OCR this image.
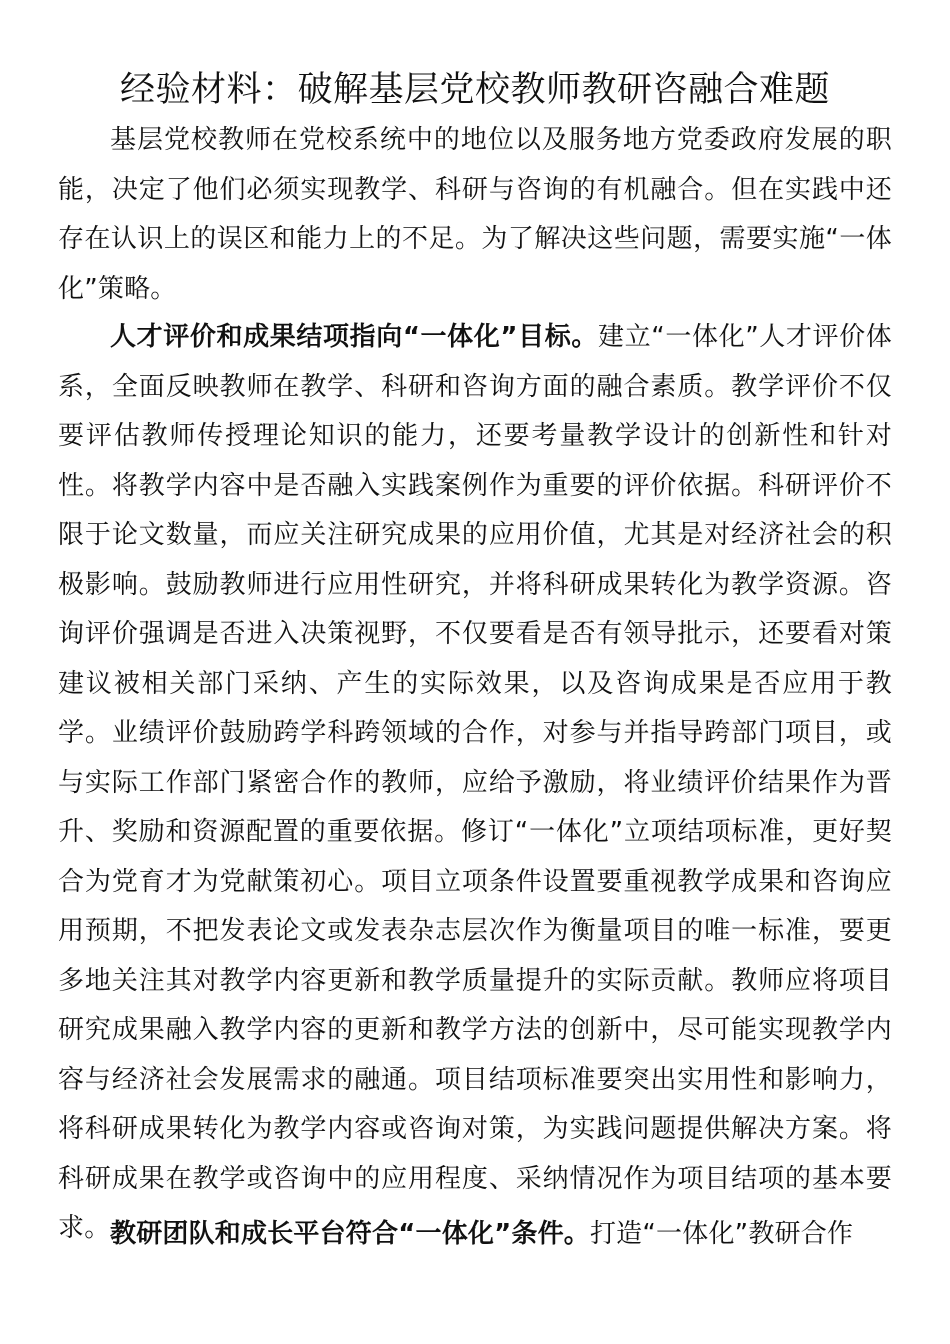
经验材料：破解基层党校教师教研咨融合难题

基层党校教师在党校系统中的地位以及服务地方党委政府发展的职能，决定了他们必须实现教学、科研与咨询的有机融合。但在实践中还存在认识上的误区和能力上的不足。为了解决这些问题，需要实施“一体化”策略。

人才评价和成果结项指向“一体化”目标。建立“一体化”人才评价体系，全面反映教师在教学、科研和咨询方面的融合素质。教学评价不仅要评估教师传授理论知识的能力，还要考量教学设计的创新性和针对性。将教学内容中是否融入实践案例作为重要的评价依据。科研评价不限于论文数量，而应关注研究成果的应用价值，尤其是对经济社会的积极影响。鼓励教师进行应用性研究，并将科研成果转化为教学资源。咨询评价强调是否进入决策视野，不仅要看是否有领导批示，还要看对策建议被相关部门采纳、产生的实际效果，以及咨询成果是否应用于教学。业绩评价鼓励跨学科跨领域的合作，对参与并指导跨部门项目，或与实际工作部门紧密合作的教师，应给予激励，将业绩评价结果作为晋升、奖励和资源配置的重要依据。修订“一体化”立项结项标准，更好契合为党育才为党献策初心。项目立项条件设置要重视教学成果和咨询应用预期，不把发表论文或发表杂志层次作为衡量项目的唯一标准，要更多地关注其对教学内容更新和教学质量提升的实际贡献。教师应将项目研究成果融入教学内容的更新和教学方法的创新中，尽可能实现教学内容与经济社会发展需求的融通。项目结项标准要突出实用性和影响力，将科研成果转化为教学内容或咨询对策，为实践问题提供解决方案。将科研成果在教学或咨询中的应用程度、采纳情况作为项目结项的基本要求。 教研团队和成长平台符合“一体化”条件。打造“一体化”教研合作
